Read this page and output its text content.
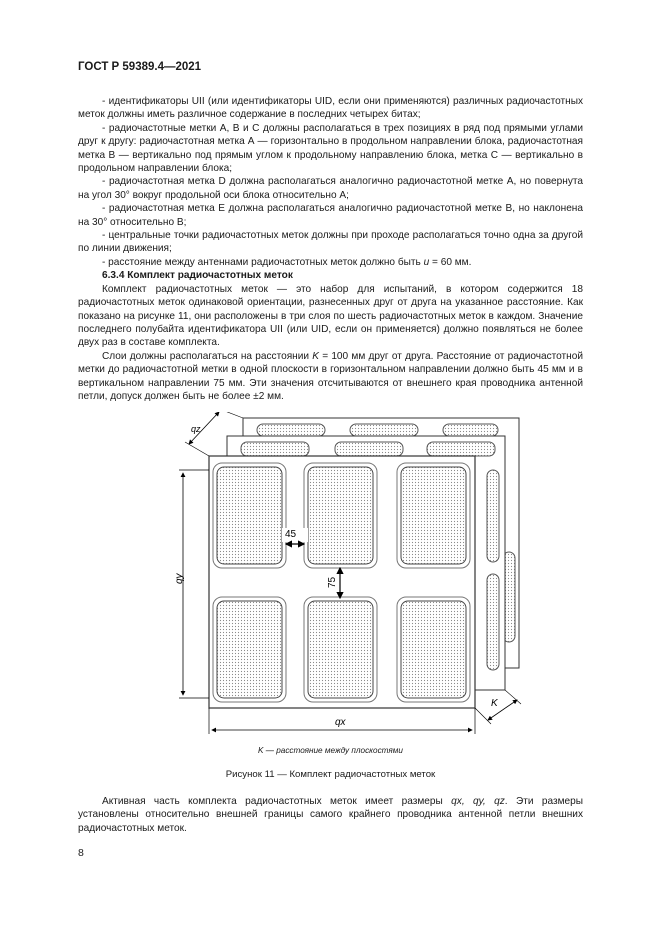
ГОСТ Р 59389.4—2021

- идентификаторы UII (или идентификаторы UID, если они применяются) различных радиочастотных меток должны иметь различное содержание в последних четырех битах;

- радиочастотные метки А, В и С должны располагаться в трех позициях в ряд под прямыми углами друг к другу: радиочастотная метка А — горизонтально в продольном направлении блока, радиочастотная метка В — вертикально под прямым углом к продольному направлению блока, метка С — вертикально в продольном направлении блока;

- радиочастотная метка D должна располагаться аналогично радиочастотной метке А, но повернута на угол 30° вокруг продольной оси блока относительно А;

- радиочастотная метка Е должна располагаться аналогично радиочастотной метке В, но наклонена на 30° относительно В;

- центральные точки радиочастотных меток должны при проходе располагаться точно одна за другой по линии движения;

- расстояние между антеннами радиочастотных меток должно быть u = 60 мм.

6.3.4 Комплект радиочастотных меток

Комплект радиочастотных меток — это набор для испытаний, в котором содержится 18 радиочастотных меток одинаковой ориентации, разнесенных друг от друга на указанное расстояние. Как показано на рисунке 11, они расположены в три слоя по шесть радиочастотных меток в каждом. Значение последнего полубайта идентификатора UII (или UID, если он применяется) должно появляться не более двух раз в составе комплекта.

Слои должны располагаться на расстоянии K = 100 мм друг от друга. Расстояние от радиочастотной метки до радиочастотной метки в одной плоскости в горизонтальном направлении должно быть 45 мм и в вертикальном направлении 75 мм. Эти значения отсчитываются от внешнего края проводника антенной петли, допуск должен быть не более ±2 мм.

45
75
qx
qy
qz
K
K — расстояние между плоскостями
Рисунок 11 — Комплект радиочастотных меток

Активная часть комплекта радиочастотных меток имеет размеры qx, qy, qz. Эти размеры установлены относительно внешней границы самого крайнего проводника антенной петли внешних радиочастотных меток.

8
